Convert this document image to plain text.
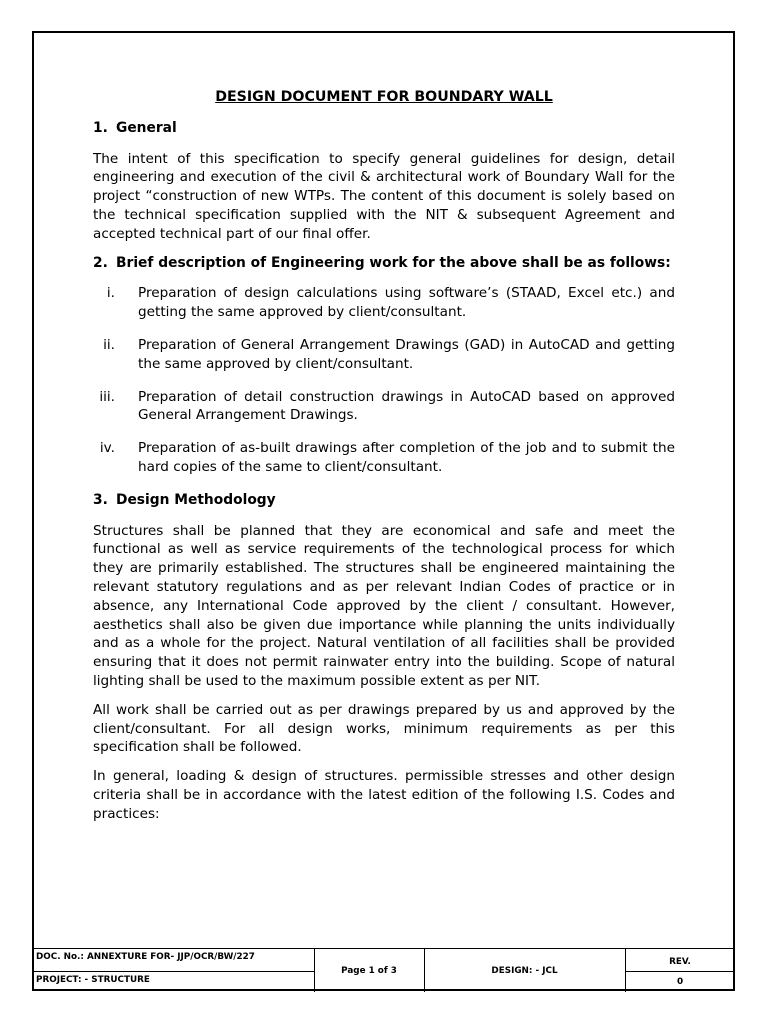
DESIGN DOCUMENT FOR BOUNDARY WALL
1. General

The intent of this specification to specify general guidelines for design, detail engineering and execution of the civil & architectural work of Boundary Wall for the project “construction of new WTPs. The content of this document is solely based on the technical specification supplied with the NIT & subsequent Agreement and accepted technical part of our final offer.

2. Brief description of Engineering work for the above shall be as follows:
i.	Preparation of design calculations using software’s (STAAD, Excel etc.) and getting the same approved by client/consultant.
ii.	Preparation of General Arrangement Drawings (GAD) in AutoCAD and getting the same approved by client/consultant.
iii.	Preparation of detail construction drawings in AutoCAD based on approved General Arrangement Drawings.
iv.	Preparation of as-built drawings after completion of the job and to submit the hard copies of the same to client/consultant.
3. Design Methodology

Structures shall be planned that they are economical and safe and meet the functional as well as service requirements of the technological process for which they are primarily established. The structures shall be engineered maintaining the relevant statutory regulations and as per relevant Indian Codes of practice or in absence, any International Code approved by the client / consultant. However, aesthetics shall also be given due importance while planning the units individually and as a whole for the project. Natural ventilation of all facilities shall be provided ensuring that it does not permit rainwater entry into the building. Scope of natural lighting shall be used to the maximum possible extent as per NIT.

All work shall be carried out as per drawings prepared by us and approved by the client/consultant. For all design works, minimum requirements as per this specification shall be followed.

In general, loading & design of structures. permissible stresses and other design criteria shall be in accordance with the latest edition of the following I.S. Codes and practices:

DOC. No.: ANNEXTURE FOR- JJP/OCR/BW/227
PROJECT: - STRUCTURE
Page 1 of 3	DESIGN: - JCL
REV.
0
